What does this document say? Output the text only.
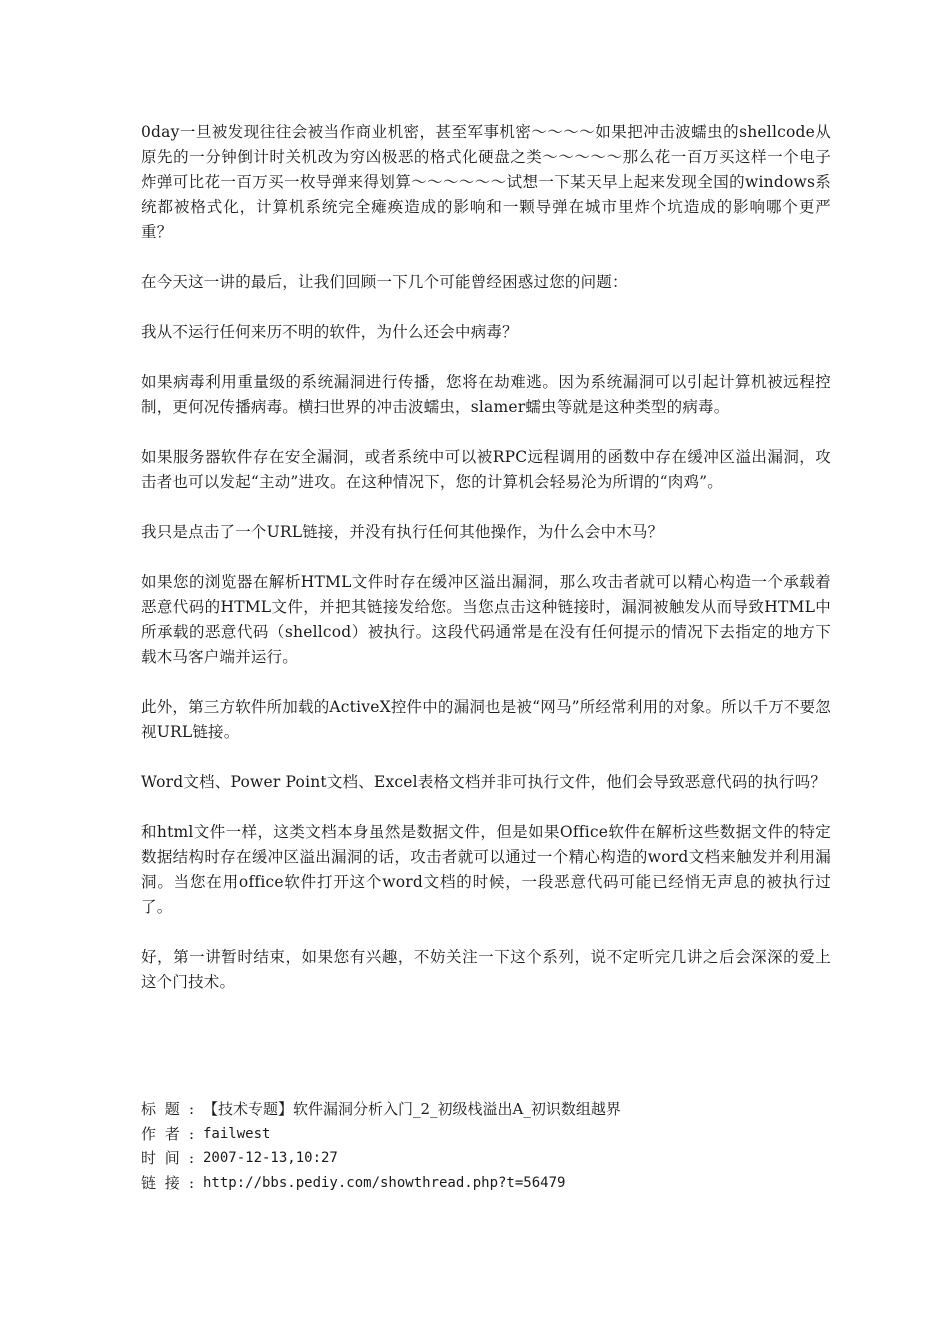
0day一旦被发现往往会被当作商业机密，甚至军事机密～～～～如果把冲击波蠕虫的shellcode从原先的一分钟倒计时关机改为穷凶极恶的格式化硬盘之类～～～～～那么花一百万买这样一个电子炸弹可比花一百万买一枚导弹来得划算～～～～～～试想一下某天早上起来发现全国的windows系统都被格式化，计算机系统完全瘫痪造成的影响和一颗导弹在城市里炸个坑造成的影响哪个更严重？

在今天这一讲的最后，让我们回顾一下几个可能曾经困惑过您的问题：

我从不运行任何来历不明的软件，为什么还会中病毒？

如果病毒利用重量级的系统漏洞进行传播，您将在劫难逃。因为系统漏洞可以引起计算机被远程控制，更何况传播病毒。横扫世界的冲击波蠕虫，slamer蠕虫等就是这种类型的病毒。

如果服务器软件存在安全漏洞，或者系统中可以被RPC远程调用的函数中存在缓冲区溢出漏洞，攻击者也可以发起“主动”进攻。在这种情况下，您的计算机会轻易沦为所谓的“肉鸡”。

我只是点击了一个URL链接，并没有执行任何其他操作，为什么会中木马？

如果您的浏览器在解析HTML文件时存在缓冲区溢出漏洞，那么攻击者就可以精心构造一个承载着恶意代码的HTML文件，并把其链接发给您。当您点击这种链接时，漏洞被触发从而导致HTML中所承载的恶意代码（shellcod）被执行。这段代码通常是在没有任何提示的情况下去指定的地方下载木马客户端并运行。

此外，第三方软件所加载的ActiveX控件中的漏洞也是被“网马”所经常利用的对象。所以千万不要忽视URL链接。

Word文档、Power Point文档、Excel表格文档并非可执行文件，他们会导致恶意代码的执行吗？

和html文件一样，这类文档本身虽然是数据文件，但是如果Office软件在解析这些数据文件的特定数据结构时存在缓冲区溢出漏洞的话，攻击者就可以通过一个精心构造的word文档来触发并利用漏洞。当您在用office软件打开这个word文档的时候，一段恶意代码可能已经悄无声息的被执行过了。

好，第一讲暂时结束，如果您有兴趣，不妨关注一下这个系列，说不定听完几讲之后会深深的爱上这个门技术。

标 题 : 【技术专题】软件漏洞分析入门_2_初级栈溢出A_初识数组越界
作 者 : failwest
时 间 : 2007-12-13,10:27
链 接 : http://bbs.pediy.com/showthread.php?t=56479
